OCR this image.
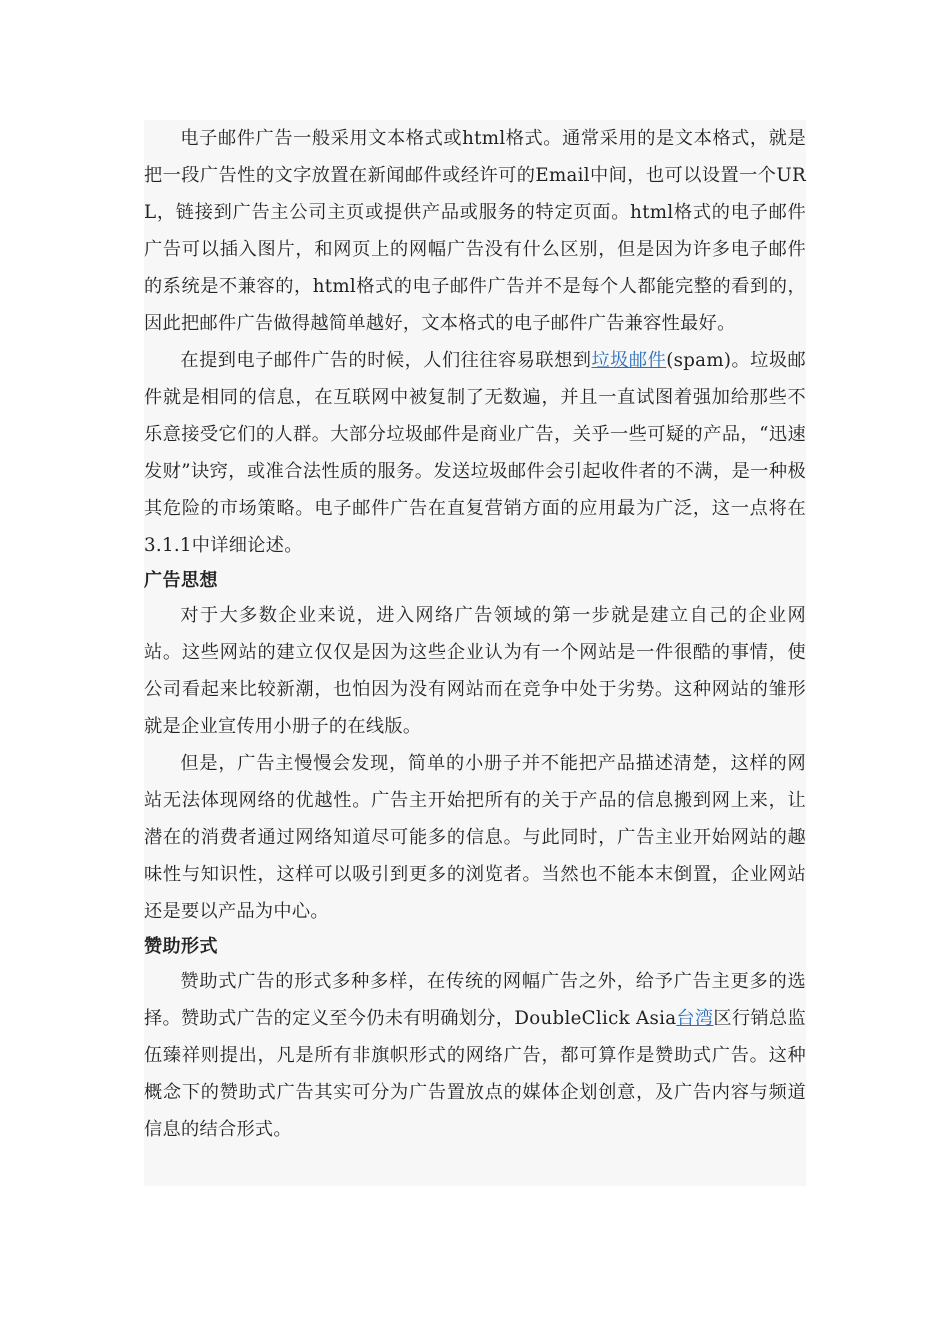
电子邮件广告一般采用文本格式或html格式。通常采用的是文本格式，就是把一段广告性的文字放置在新闻邮件或经许可的Email中间，也可以设置一个URL，链接到广告主公司主页或提供产品或服务的特定页面。html格式的电子邮件广告可以插入图片，和网页上的网幅广告没有什么区别，但是因为许多电子邮件的系统是不兼容的，html格式的电子邮件广告并不是每个人都能完整的看到的，因此把邮件广告做得越简单越好，文本格式的电子邮件广告兼容性最好。

在提到电子邮件广告的时候，人们往往容易联想到垃圾邮件(spam)。垃圾邮件就是相同的信息，在互联网中被复制了无数遍，并且一直试图着强加给那些不乐意接受它们的人群。大部分垃圾邮件是商业广告，关乎一些可疑的产品，“迅速发财”诀窍，或准合法性质的服务。发送垃圾邮件会引起收件者的不满，是一种极其危险的市场策略。电子邮件广告在直复营销方面的应用最为广泛，这一点将在3.1.1中详细论述。

广告思想

对于大多数企业来说，进入网络广告领域的第一步就是建立自己的企业网站。这些网站的建立仅仅是因为这些企业认为有一个网站是一件很酷的事情，使公司看起来比较新潮，也怕因为没有网站而在竞争中处于劣势。这种网站的雏形就是企业宣传用小册子的在线版。

但是，广告主慢慢会发现，简单的小册子并不能把产品描述清楚，这样的网站无法体现网络的优越性。广告主开始把所有的关于产品的信息搬到网上来，让潜在的消费者通过网络知道尽可能多的信息。与此同时，广告主业开始网站的趣味性与知识性，这样可以吸引到更多的浏览者。当然也不能本末倒置，企业网站还是要以产品为中心。

赞助形式

赞助式广告的形式多种多样，在传统的网幅广告之外，给予广告主更多的选择。赞助式广告的定义至今仍未有明确划分，DoubleClick Asia台湾区行销总监伍臻祥则提出，凡是所有非旗帜形式的网络广告，都可算作是赞助式广告。这种概念下的赞助式广告其实可分为广告置放点的媒体企划创意，及广告内容与频道信息的结合形式。
